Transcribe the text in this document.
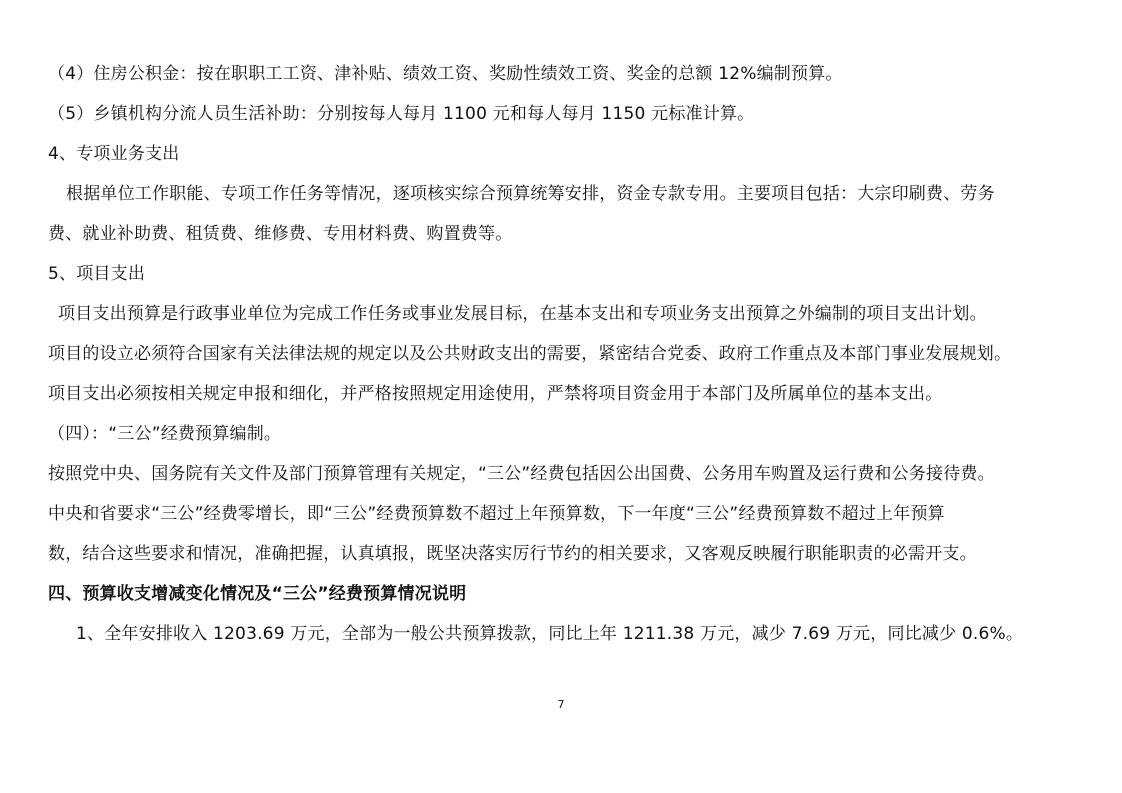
（4）住房公积金：按在职职工工资、津补贴、绩效工资、奖励性绩效工资、奖金的总额 12%编制预算。
（5）乡镇机构分流人员生活补助：分别按每人每月 1100 元和每人每月 1150 元标准计算。
4、专项业务支出
根据单位工作职能、专项工作任务等情况，逐项核实综合预算统筹安排，资金专款专用。主要项目包括：大宗印刷费、劳务
费、就业补助费、租赁费、维修费、专用材料费、购置费等。
5、项目支出
项目支出预算是行政事业单位为完成工作任务或事业发展目标，在基本支出和专项业务支出预算之外编制的项目支出计划。
项目的设立必须符合国家有关法律法规的规定以及公共财政支出的需要，紧密结合党委、政府工作重点及本部门事业发展规划。
项目支出必须按相关规定申报和细化，并严格按照规定用途使用，严禁将项目资金用于本部门及所属单位的基本支出。
（四）：“三公”经费预算编制。
按照党中央、国务院有关文件及部门预算管理有关规定，“三公”经费包括因公出国费、公务用车购置及运行费和公务接待费。
中央和省要求“三公”经费零增长，即“三公”经费预算数不超过上年预算数，下一年度“三公”经费预算数不超过上年预算
数，结合这些要求和情况，准确把握，认真填报，既坚决落实厉行节约的相关要求，又客观反映履行职能职责的必需开支。
四、预算收支增减变化情况及“三公”经费预算情况说明
1、全年安排收入 1203.69 万元，全部为一般公共预算拨款，同比上年 1211.38 万元，减少 7.69 万元，同比减少 0.6%。
7
